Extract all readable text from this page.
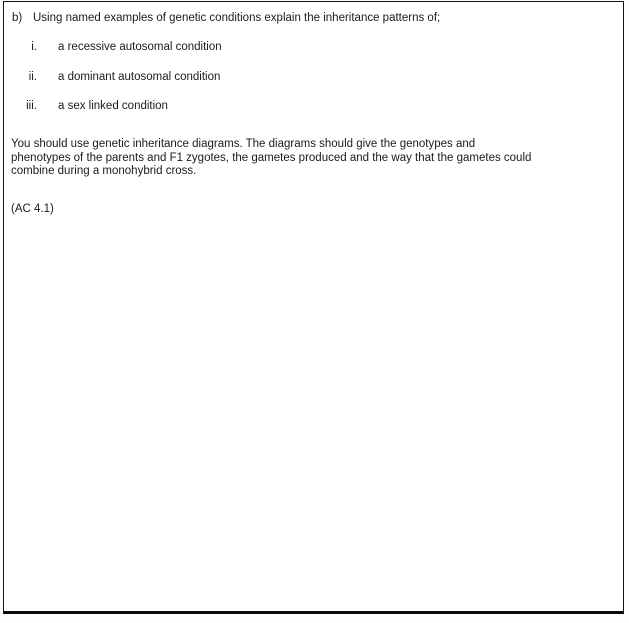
b) Using named examples of genetic conditions explain the inheritance patterns of;
i. a recessive autosomal condition
ii. a dominant autosomal condition
iii. a sex linked condition
You should use genetic inheritance diagrams. The diagrams should give the genotypes and
phenotypes of the parents and F1 zygotes, the gametes produced and the way that the gametes could
combine during a monohybrid cross.
(AC 4.1)
